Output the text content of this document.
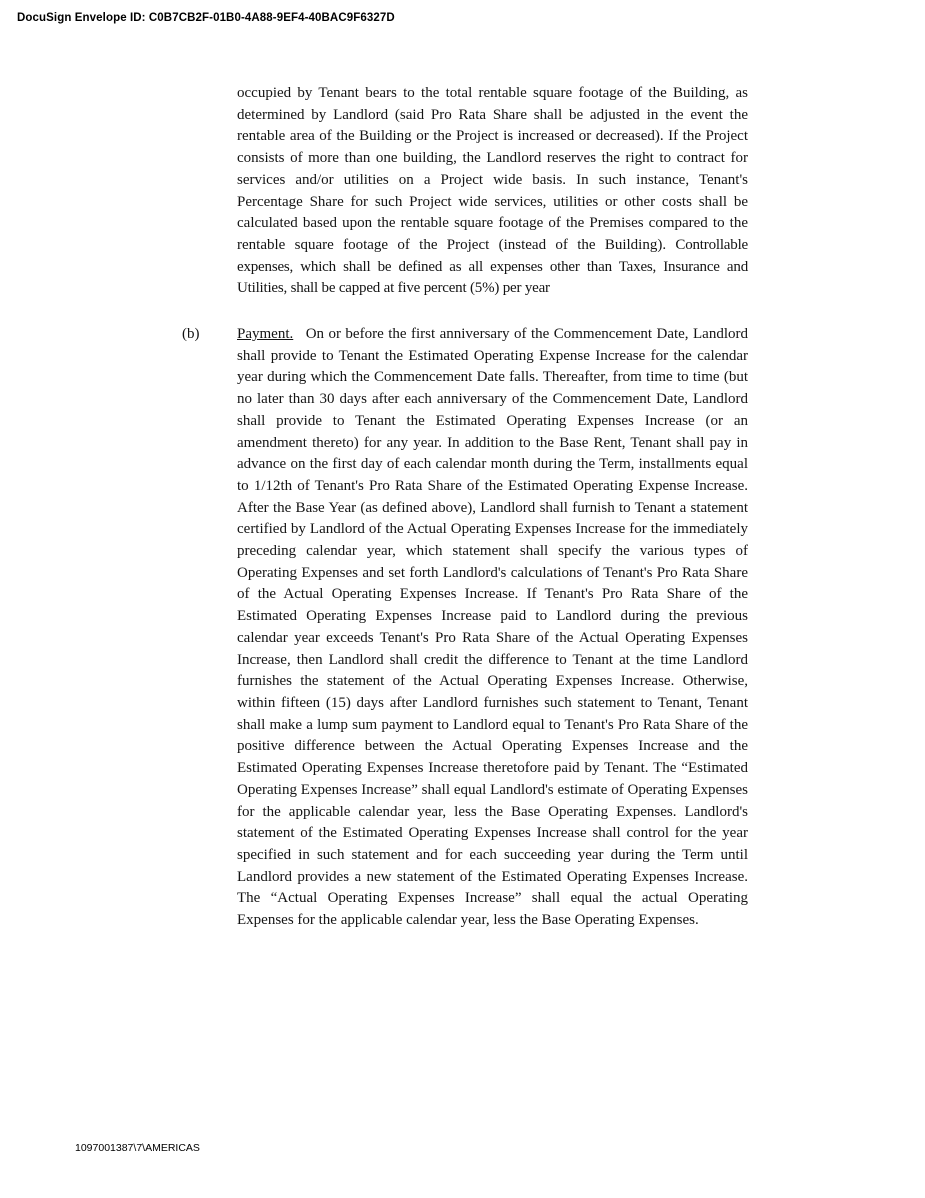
DocuSign Envelope ID: C0B7CB2F-01B0-4A88-9EF4-40BAC9F6327D

occupied by Tenant bears to the total rentable square footage of the Building, as determined by Landlord (said Pro Rata Share shall be adjusted in the event the rentable area of the Building or the Project is increased or decreased). If the Project consists of more than one building, the Landlord reserves the right to contract for services and/or utilities on a Project wide basis. In such instance, Tenant's Percentage Share for such Project wide services, utilities or other costs shall be calculated based upon the rentable square footage of the Premises compared to the rentable square footage of the Project (instead of the Building). Controllable expenses, which shall be defined as all expenses other than Taxes, Insurance and Utilities, shall be capped at five percent (5%) per year

(b)	Payment. On or before the first anniversary of the Commencement Date, Landlord shall provide to Tenant the Estimated Operating Expense Increase for the calendar year during which the Commencement Date falls. Thereafter, from time to time (but no later than 30 days after each anniversary of the Commencement Date, Landlord shall provide to Tenant the Estimated Operating Expenses Increase (or an amendment thereto) for any year. In addition to the Base Rent, Tenant shall pay in advance on the first day of each calendar month during the Term, installments equal to 1/12th of Tenant's Pro Rata Share of the Estimated Operating Expense Increase. After the Base Year (as defined above), Landlord shall furnish to Tenant a statement certified by Landlord of the Actual Operating Expenses Increase for the immediately preceding calendar year, which statement shall specify the various types of Operating Expenses and set forth Landlord's calculations of Tenant's Pro Rata Share of the Actual Operating Expenses Increase. If Tenant's Pro Rata Share of the Estimated Operating Expenses Increase paid to Landlord during the previous calendar year exceeds Tenant's Pro Rata Share of the Actual Operating Expenses Increase, then Landlord shall credit the difference to Tenant at the time Landlord furnishes the statement of the Actual Operating Expenses Increase. Otherwise, within fifteen (15) days after Landlord furnishes such statement to Tenant, Tenant shall make a lump sum payment to Landlord equal to Tenant's Pro Rata Share of the positive difference between the Actual Operating Expenses Increase and the Estimated Operating Expenses Increase theretofore paid by Tenant. The “Estimated Operating Expenses Increase” shall equal Landlord's estimate of Operating Expenses for the applicable calendar year, less the Base Operating Expenses. Landlord's statement of the Estimated Operating Expenses Increase shall control for the year specified in such statement and for each succeeding year during the Term until Landlord provides a new statement of the Estimated Operating Expenses Increase. The “Actual Operating Expenses Increase” shall equal the actual Operating Expenses for the applicable calendar year, less the Base Operating Expenses.

1097001387\7\AMERICAS
